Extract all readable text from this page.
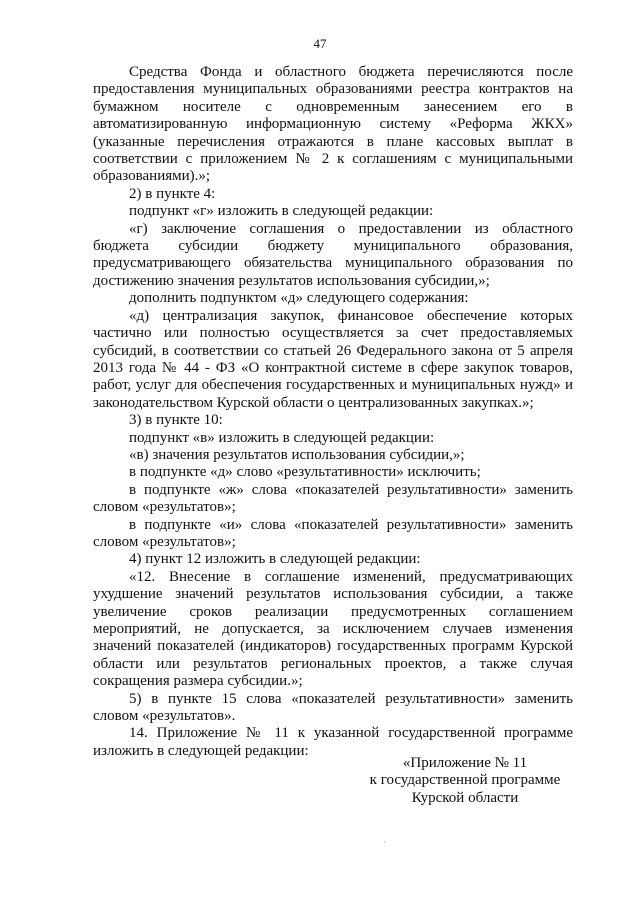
47
Средства Фонда и областного бюджета перечисляются после
предоставления муниципальных образованиями реестра контрактов на
бумажном носителе с одновременным занесением его в
автоматизированную информационную систему «Реформа ЖКХ»
(указанные перечисления отражаются в плане кассовых выплат в
соответствии с приложением № 2 к соглашениям с муниципальными
образованиями).»;
2) в пункте 4:
подпункт «г» изложить в следующей редакции:
«г) заключение соглашения о предоставлении из областного
бюджета субсидии бюджету муниципального образования,
предусматривающего обязательства муниципального образования по
достижению значения результатов использования субсидии,»;
дополнить подпунктом «д» следующего содержания:
«д) централизация закупок, финансовое обеспечение которых
частично или полностью осуществляется за счет предоставляемых
субсидий, в соответствии со статьей 26 Федерального закона от 5 апреля
2013 года № 44 - ФЗ «О контрактной системе в сфере закупок товаров,
работ, услуг для обеспечения государственных и муниципальных нужд» и
законодательством Курской области о централизованных закупках.»;
3) в пункте 10:
подпункт «в» изложить в следующей редакции:
«в) значения результатов использования субсидии,»;
в подпункте «д» слово «результативности» исключить;
в подпункте «ж» слова «показателей результативности» заменить
словом «результатов»;
в подпункте «и» слова «показателей результативности» заменить
словом «результатов»;
4) пункт 12 изложить в следующей редакции:
«12. Внесение в соглашение изменений, предусматривающих
ухудшение значений результатов использования субсидии, а также
увеличение сроков реализации предусмотренных соглашением
мероприятий, не допускается, за исключением случаев изменения
значений показателей (индикаторов) государственных программ Курской
области или результатов региональных проектов, а также случая
сокращения размера субсидии.»;
5) в пункте 15 слова «показателей результативности» заменить
словом «результатов».
14. Приложение № 11 к указанной государственной программе
изложить в следующей редакции:
«Приложение № 11
к государственной программе
Курской области
·
